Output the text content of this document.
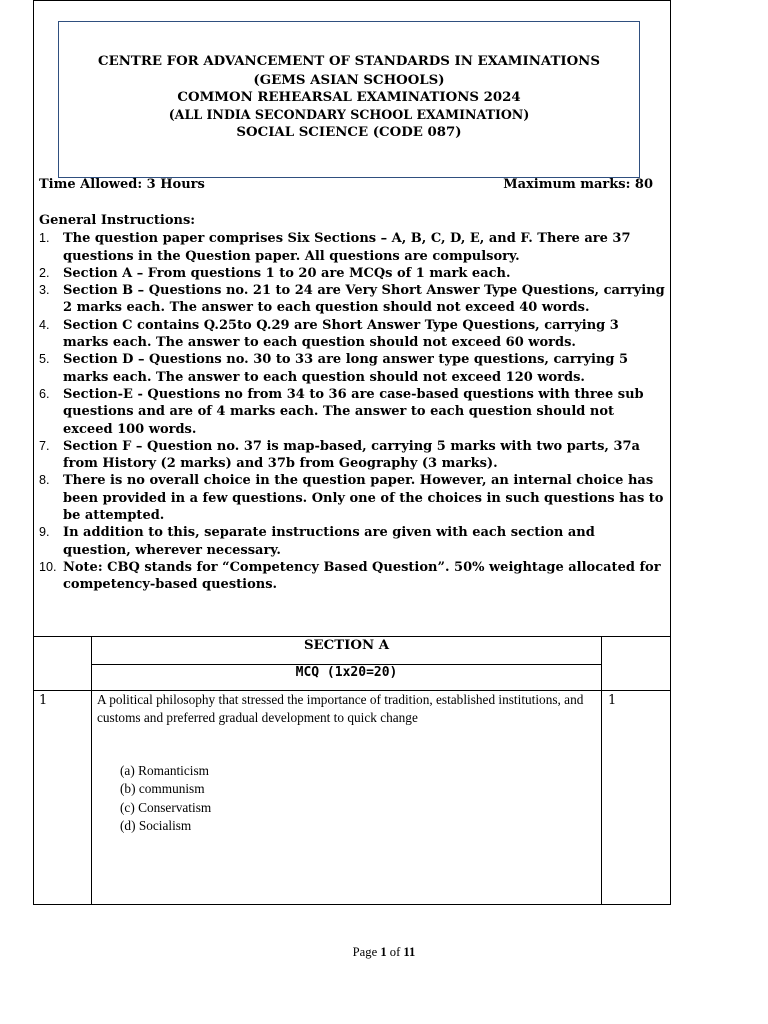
CENTRE FOR ADVANCEMENT OF STANDARDS IN EXAMINATIONS
(GEMS ASIAN SCHOOLS)
COMMON REHEARSAL EXAMINATIONS 2024
(ALL INDIA SECONDARY SCHOOL EXAMINATION)
SOCIAL SCIENCE (CODE 087)
Time Allowed: 3 Hours	Maximum marks: 80
General Instructions:
1. The question paper comprises Six Sections – A, B, C, D, E, and F. There are 37 questions in the Question paper. All questions are compulsory.
2. Section A – From questions 1 to 20 are MCQs of 1 mark each.
3. Section B – Questions no. 21 to 24 are Very Short Answer Type Questions, carrying 2 marks each. The answer to each question should not exceed 40 words.
4. Section C contains Q.25to Q.29 are Short Answer Type Questions, carrying 3 marks each. The answer to each question should not exceed 60 words.
5. Section D – Questions no. 30 to 33 are long answer type questions, carrying 5 marks each. The answer to each question should not exceed 120 words.
6. Section-E - Questions no from 34 to 36 are case-based questions with three sub questions and are of 4 marks each. The answer to each question should not exceed 100 words.
7. Section F – Question no. 37 is map-based, carrying 5 marks with two parts, 37a from History (2 marks) and 37b from Geography (3 marks).
8. There is no overall choice in the question paper. However, an internal choice has been provided in a few questions. Only one of the choices in such questions has to be attempted.
9. In addition to this, separate instructions are given with each section and question, wherever necessary.
10. Note: CBQ stands for “Competency Based Question”. 50% weightage allocated for competency-based questions.
SECTION A
MCQ (1x20=20)
1	1
A political philosophy that stressed the importance of tradition, established institutions, and customs and preferred gradual development to quick change
(a) Romanticism
(b) communism
(c) Conservatism
(d) Socialism
Page 1 of 11
